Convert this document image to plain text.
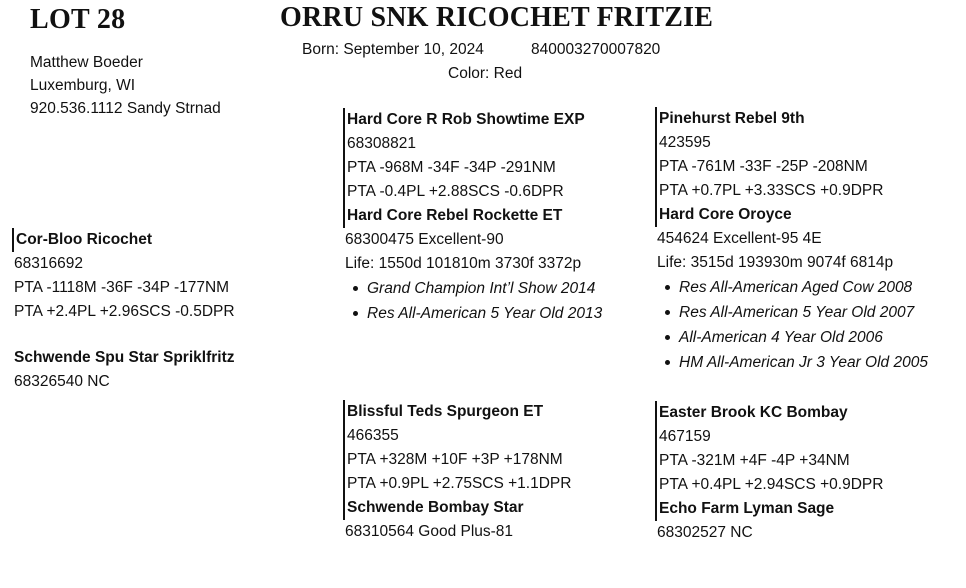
LOT 28	ORRU SNK RICOCHET FRITZIE
Born: September 10, 2024	840003270007820
Color: Red
Matthew Boeder
Luxemburg, WI
920.536.1112 Sandy Strnad
Cor-Bloo Ricochet
68316692
PTA -1118M -36F -34P -177NM
PTA +2.4PL +2.96SCS -0.5DPR
Schwende Spu Star Spriklfritz
68326540 NC
Hard Core R Rob Showtime EXP
68308821
PTA -968M -34F -34P -291NM
PTA -0.4PL +2.88SCS -0.6DPR
Hard Core Rebel Rockette ET
68300475 Excellent-90
Life: 1550d 101810m 3730f 3372p
Grand Champion Int’l Show 2014
Res All-American 5 Year Old 2013
Pinehurst Rebel 9th
423595
PTA -761M -33F -25P -208NM
PTA +0.7PL +3.33SCS +0.9DPR
Hard Core Oroyce
454624 Excellent-95 4E
Life: 3515d 193930m 9074f 6814p
Res All-American Aged Cow 2008
Res All-American 5 Year Old 2007
All-American 4 Year Old 2006
HM All-American Jr 3 Year Old 2005
Blissful Teds Spurgeon ET
466355
PTA +328M +10F +3P +178NM
PTA +0.9PL +2.75SCS +1.1DPR
Schwende Bombay Star
68310564 Good Plus-81
Easter Brook KC Bombay
467159
PTA -321M +4F -4P +34NM
PTA +0.4PL +2.94SCS +0.9DPR
Echo Farm Lyman Sage
68302527 NC
